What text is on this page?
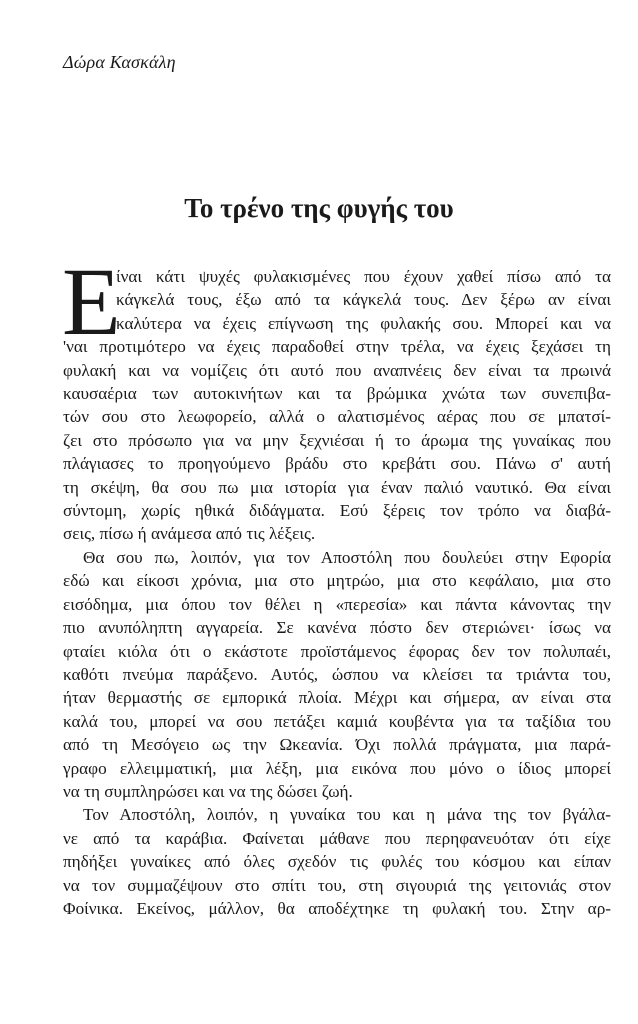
Δώρα Κασκάλη
Το τρένο της φυγής του
Ε
ίναι κάτι ψυχές φυλακισμένες που έχουν χαθεί πίσω από τα
κάγκελά τους, έξω από τα κάγκελά τους. Δεν ξέρω αν είναι
καλύτερα να έχεις επίγνωση της φυλακής σου. Μπορεί και να
'ναι προτιμότερο να έχεις παραδοθεί στην τρέλα, να έχεις ξεχάσει τη
φυλακή και να νομίζεις ότι αυτό που αναπνέεις δεν είναι τα πρωινά
καυσαέρια των αυτοκινήτων και τα βρώμικα χνώτα των συνεπιβα-
τών σου στο λεωφορείο, αλλά ο αλατισμένος αέρας που σε μπατσί-
ζει στο πρόσωπο για να μην ξεχνιέσαι ή το άρωμα της γυναίκας που
πλάγιασες το προηγούμενο βράδυ στο κρεβάτι σου. Πάνω σ' αυτή
τη σκέψη, θα σου πω μια ιστορία για έναν παλιό ναυτικό. Θα είναι
σύντομη, χωρίς ηθικά διδάγματα. Εσύ ξέρεις τον τρόπο να διαβά-
σεις, πίσω ή ανάμεσα από τις λέξεις.
Θα σου πω, λοιπόν, για τον Αποστόλη που δουλεύει στην Εφορία
εδώ και είκοσι χρόνια, μια στο μητρώο, μια στο κεφάλαιο, μια στο
εισόδημα, μια όπου τον θέλει η «περεσία» και πάντα κάνοντας την
πιο ανυπόληπτη αγγαρεία. Σε κανένα πόστο δεν στεριώνει· ίσως να
φταίει κιόλα ότι ο εκάστοτε προϊστάμενος έφορας δεν τον πολυπαέι,
καθότι πνεύμα παράξενο. Αυτός, ώσπου να κλείσει τα τριάντα του,
ήταν θερμαστής σε εμπορικά πλοία. Μέχρι και σήμερα, αν είναι στα
καλά του, μπορεί να σου πετάξει καμιά κουβέντα για τα ταξίδια του
από τη Μεσόγειο ως την Ωκεανία. Όχι πολλά πράγματα, μια παρά-
γραφο ελλειμματική, μια λέξη, μια εικόνα που μόνο ο ίδιος μπορεί
να τη συμπληρώσει και να της δώσει ζωή.
Τον Αποστόλη, λοιπόν, η γυναίκα του και η μάνα της τον βγάλα-
νε από τα καράβια. Φαίνεται μάθανε που περηφανευόταν ότι είχε
πηδήξει γυναίκες από όλες σχεδόν τις φυλές του κόσμου και είπαν
να τον συμμαζέψουν στο σπίτι του, στη σιγουριά της γειτονιάς στον
Φοίνικα. Εκείνος, μάλλον, θα αποδέχτηκε τη φυλακή του. Στην αρ-
